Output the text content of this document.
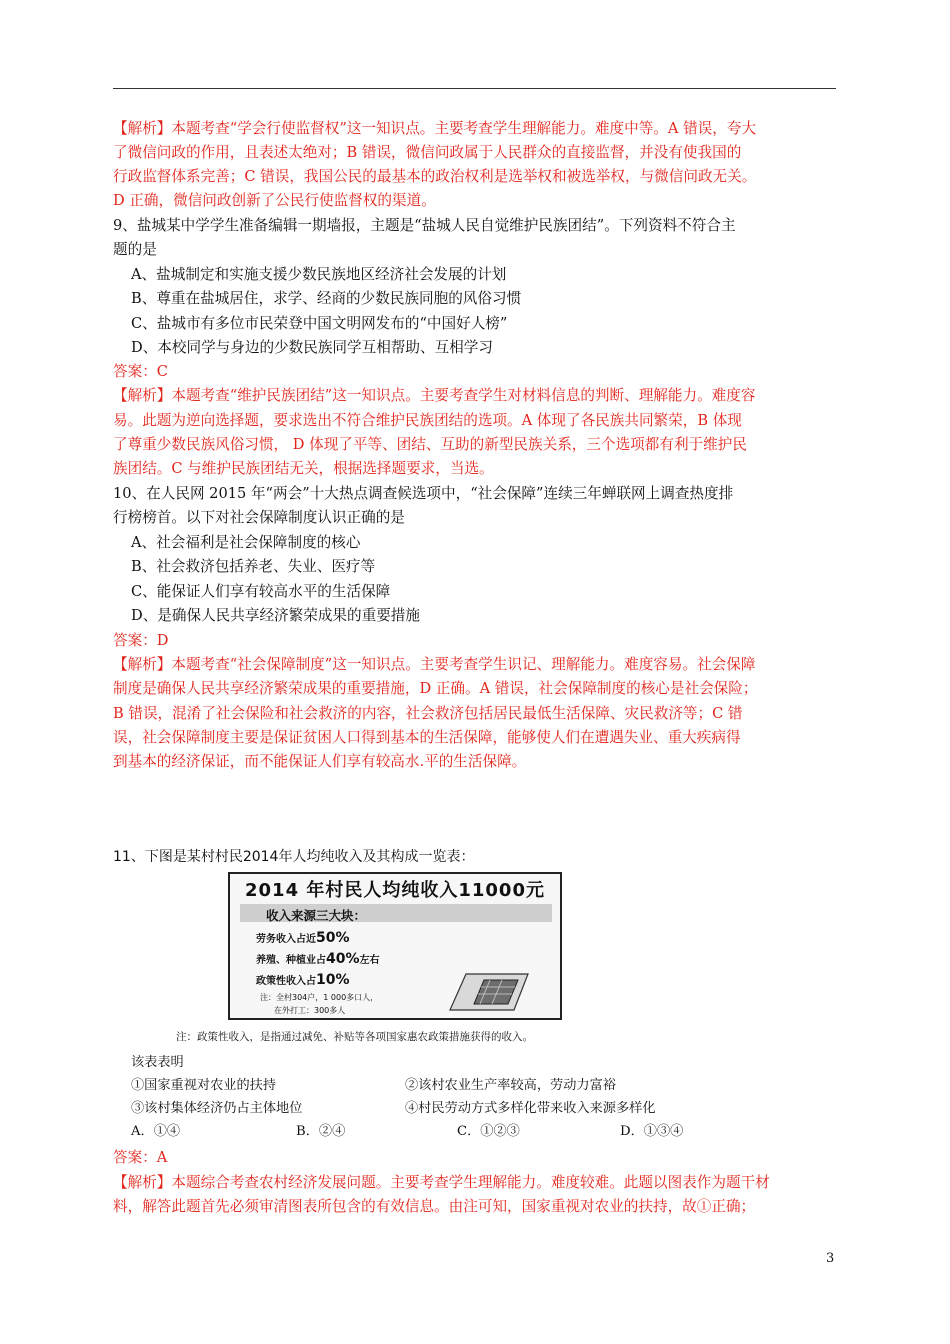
【解析】本题考查“学会行使监督权”这一知识点。主要考查学生理解能力。难度中等。A 错误，夸大
了微信问政的作用，且表述太绝对；B 错误，微信问政属于人民群众的直接监督，并没有使我国的
行政监督体系完善；C 错误，我国公民的最基本的政治权利是选举权和被选举权，与微信问政无关。
D 正确，微信问政创新了公民行使监督权的渠道。
9、盐城某中学学生准备编辑一期墙报，主题是“盐城人民自觉维护民族团结”。下列资料不符合主
题的是
A、盐城制定和实施支援少数民族地区经济社会发展的计划
B、尊重在盐城居住，求学、经商的少数民族同胞的风俗习惯
C、盐城市有多位市民荣登中国文明网发布的“中国好人榜”
D、本校同学与身边的少数民族同学互相帮助、互相学习
答案：C
【解析】本题考查“维护民族团结”这一知识点。主要考查学生对材料信息的判断、理解能力。难度容
易。此题为逆向选择题，要求选出不符合维护民族团结的选项。A 体现了各民族共同繁荣，B 体现
了尊重少数民族风俗习惯， D 体现了平等、团结、互助的新型民族关系，三个选项都有利于维护民
族团结。C 与维护民族团结无关，根据选择题要求，当选。
10、在人民网 2015 年“两会”十大热点调查候选项中，“社会保障”连续三年蝉联网上调查热度排
行榜榜首。以下对社会保障制度认识正确的是
A、社会福利是社会保障制度的核心
B、社会救济包括养老、失业、医疗等
C、能保证人们享有较高水平的生活保障
D、是确保人民共享经济繁荣成果的重要措施
答案：D
【解析】本题考查“社会保障制度”这一知识点。主要考查学生识记、理解能力。难度容易。社会保障
制度是确保人民共享经济繁荣成果的重要措施，D 正确。A 错误，社会保障制度的核心是社会保险；
B 错误，混淆了社会保险和社会救济的内容，社会救济包括居民最低生活保障、灾民救济等；C 错
误，社会保障制度主要是保证贫困人口得到基本的生活保障，能够使人们在遭遇失业、重大疾病得
到基本的经济保证，而不能保证人们享有较高水.平的生活保障。
11、下图是某村村民2014年人均纯收入及其构成一览表：
2014 年村民人均纯收入11000元
收入来源三大块：
劳务收入占近50%
养殖、种植业占40%左右
政策性收入占10%
注：全村304户，1 000多口人，
在外打工：300多人
注：政策性收入，是指通过减免、补贴等各项国家惠农政策措施获得的收入。
该表表明
①国家重视对农业的扶持	②该村农业生产率较高，劳动力富裕
③该村集体经济仍占主体地位	④村民劳动方式多样化带来收入来源多样化
A．①④	B．②④	C．①②③	D．①③④
答案：A
【解析】本题综合考查农村经济发展问题。主要考查学生理解能力。难度较难。此题以图表作为题干材
料，解答此题首先必须审清图表所包含的有效信息。由注可知，国家重视对农业的扶持，故①正确；
3
